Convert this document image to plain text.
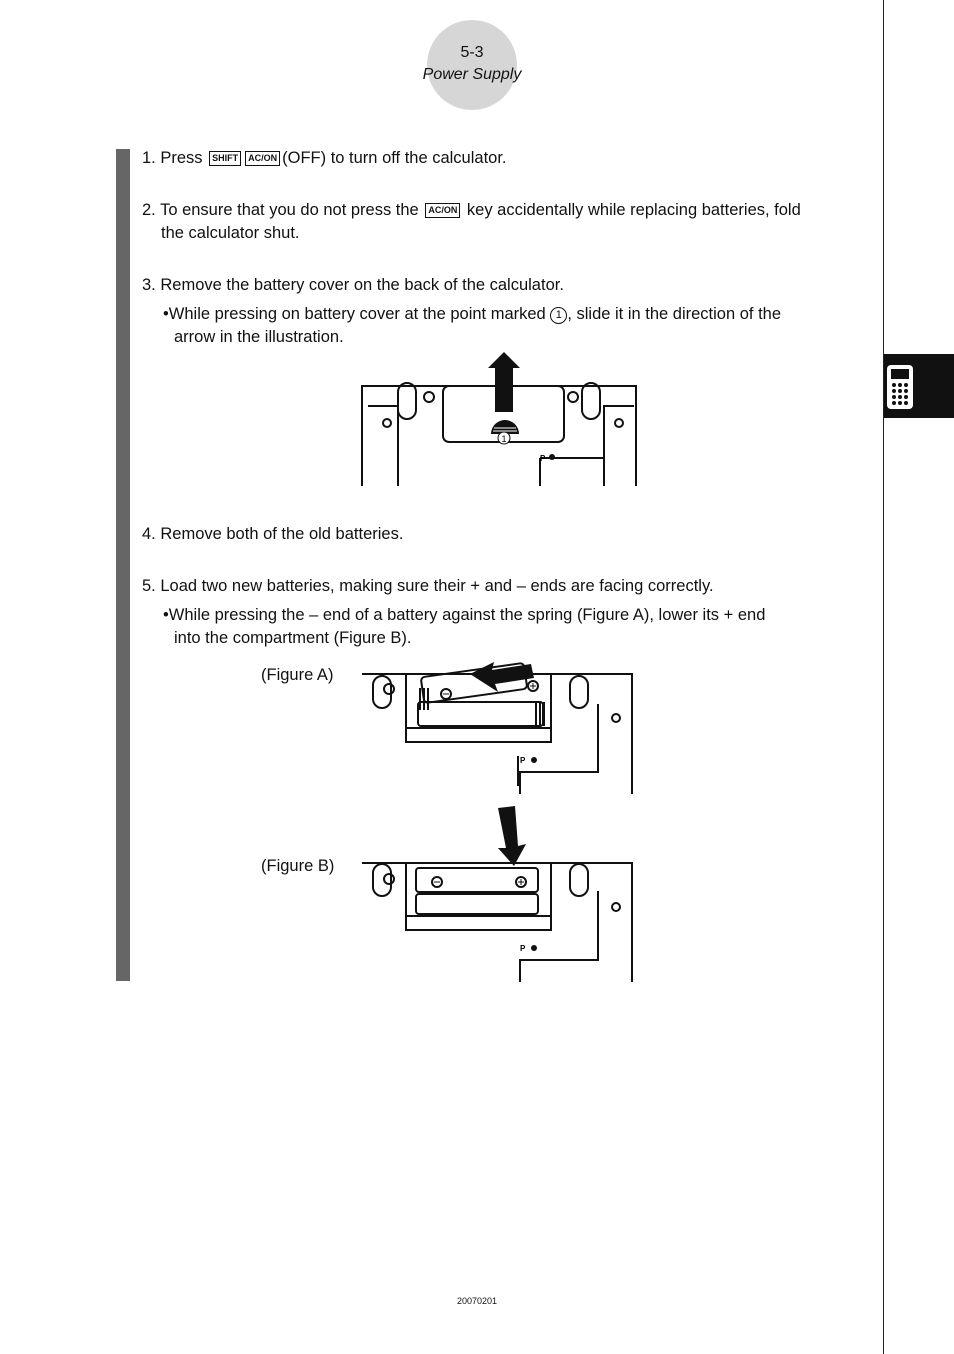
5-3
Power Supply
1. Press SHIFT AC/ON (OFF) to turn off the calculator.
2. To ensure that you do not press the AC/ON key accidentally while replacing batteries, fold
the calculator shut.
3. Remove the battery cover on the back of the calculator.
•While pressing on battery cover at the point marked 1 , slide it in the direction of the
arrow in the illustration.
1
P
4. Remove both of the old batteries.
5. Load two new batteries, making sure their + and – ends are facing correctly.
•While pressing the – end of a battery against the spring (Figure A), lower its + end
into the compartment (Figure B).
(Figure A)
P
(Figure B)
P
20070201
